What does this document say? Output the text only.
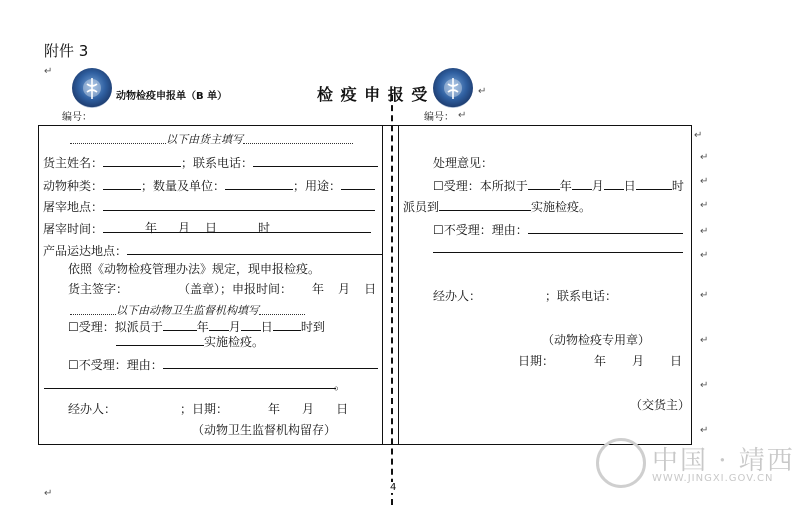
附件 3
↵
动物检疫申报单（B 单）	检 疫 申 报 受	↵
编号：	编号： ↵
以下由货主填写
货主姓名：	；联系电话：
动物种类：	；数量及单位：	；用途：
屠宰地点：
屠宰时间：	年 月 日	时
产品运达地点：
依照《动物检疫管理办法》规定，现申报检疫。
货主签字：	（盖章）；申报时间： 年 月 日
以下由动物卫生监督机构填写
☐受理：拟派员于	年 月 日 时到
实施检疫。
☐不受理：理由：
。
经办人：	；日期：	年 月 日
（动物卫生监督机构留存）
处理意见：
☐受理：本所拟于	年 月 日	时
派员到	实施检疫。
☐不受理：理由：
经办人：	；联系电话：
（动物检疫专用章）
日期：	年 月 日
（交货主）
↵
↵
↵
↵
↵
↵
↵
↵
↵
↵
↵
4
中国 · 靖西
WWW.JINGXI.GOV.CN
